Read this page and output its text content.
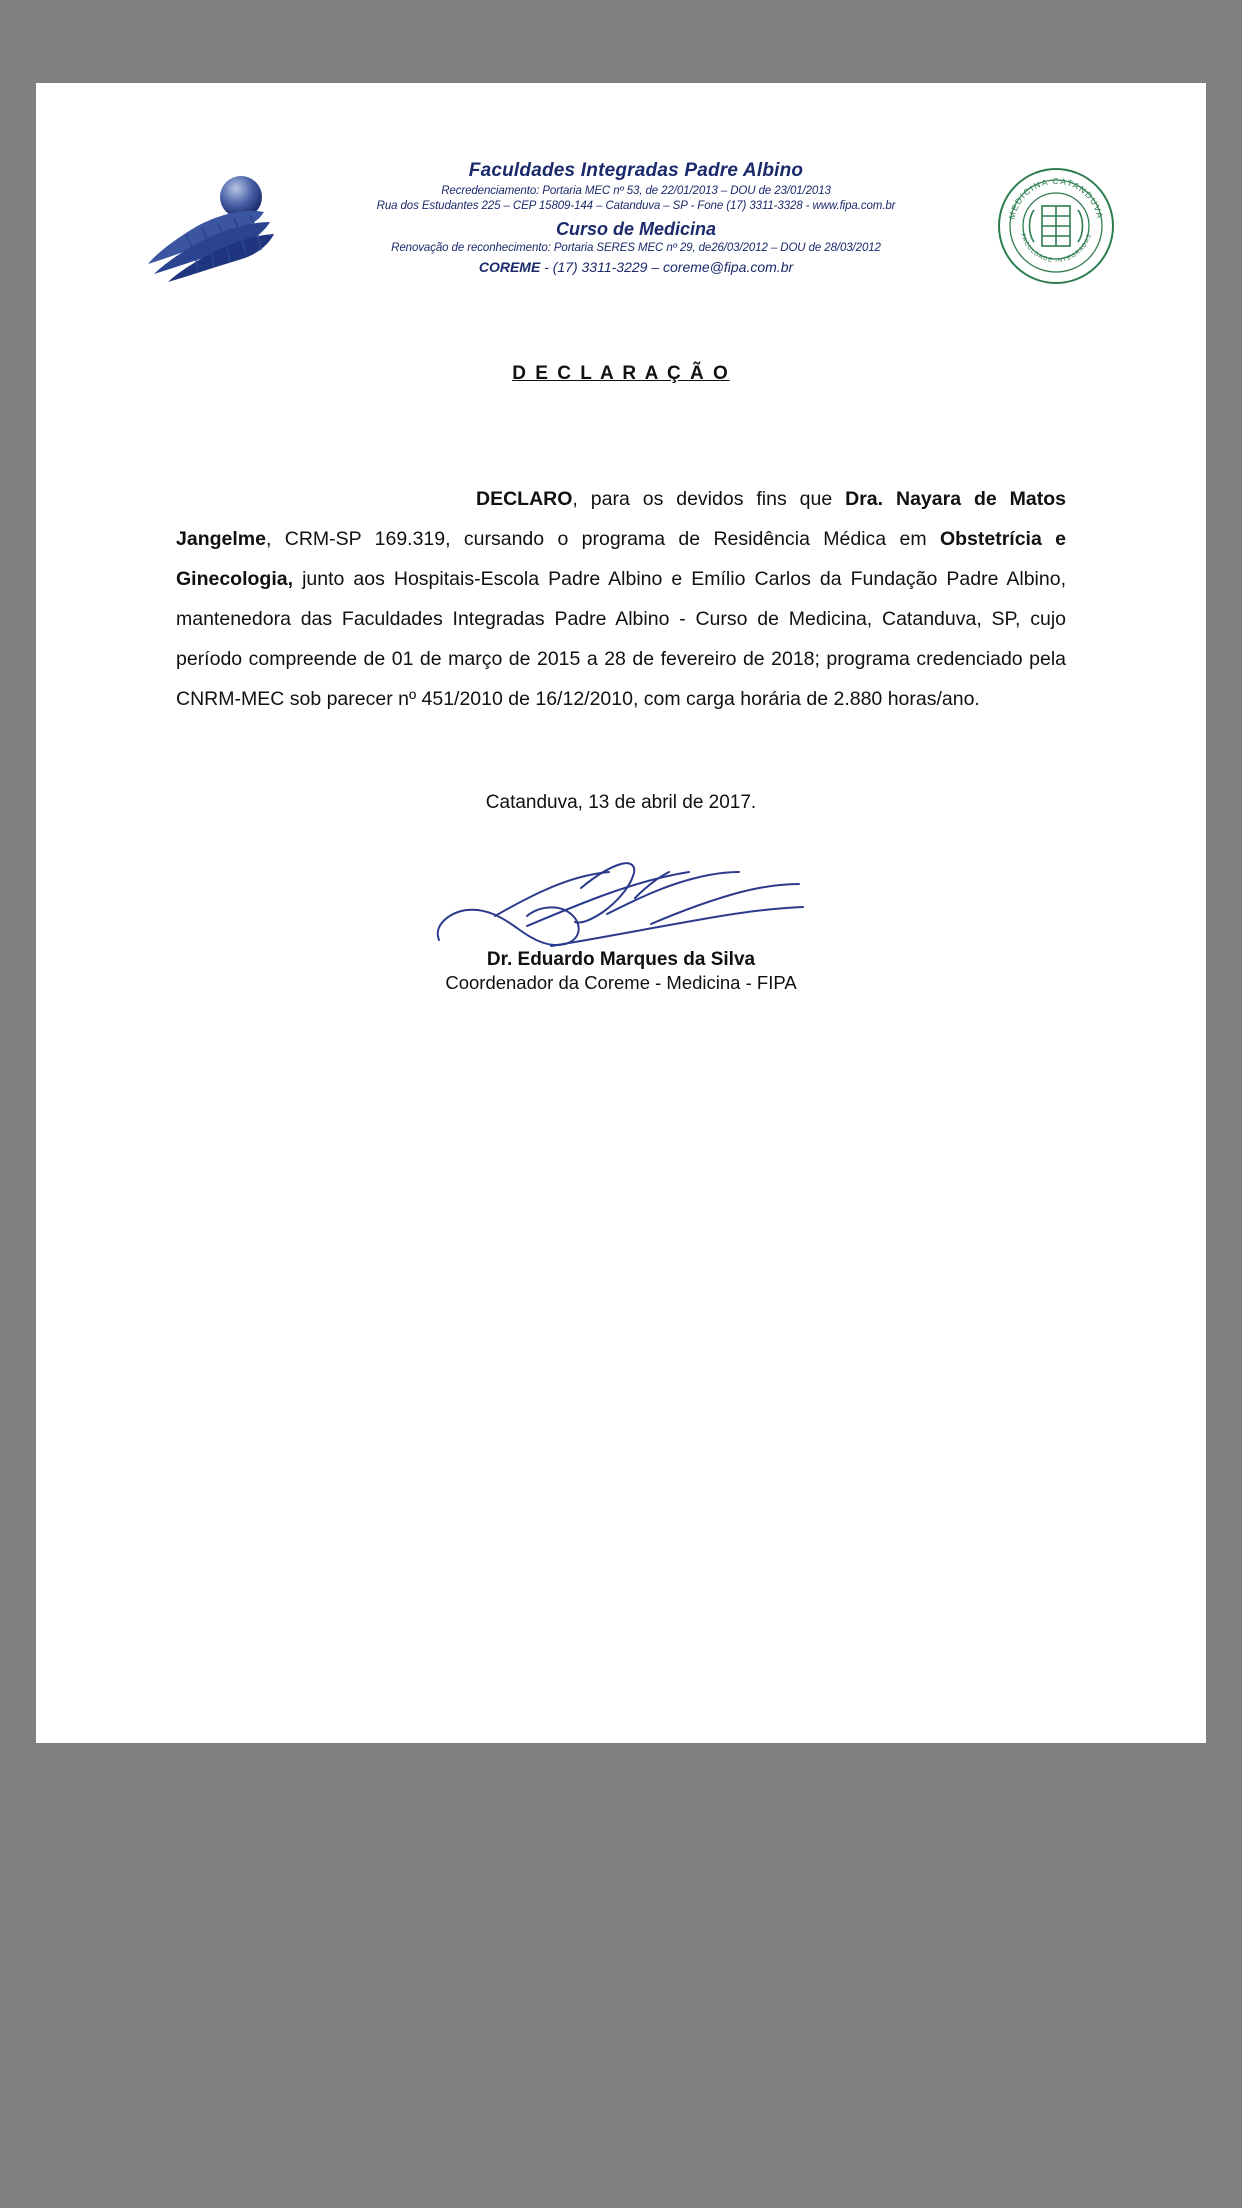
Faculdades Integradas Padre Albino
Recredenciamento: Portaria MEC nº 53, de 22/01/2013 – DOU de 23/01/2013
Rua dos Estudantes 225 – CEP 15809-144 – Catanduva – SP - Fone (17) 3311-3328 - www.fipa.com.br
Curso de Medicina
Renovação de reconhecimento: Portaria SERES MEC nº 29, de26/03/2012 – DOU de 28/03/2012
COREME - (17) 3311-3229 – coreme@fipa.com.br
MEDICINA CATANDUVA
FACULDADE INTEGRADAS
D E C L A R A Ç Ã O
DECLARO, para os devidos fins que Dra. Nayara de Matos Jangelme, CRM-SP 169.319, cursando o programa de Residência Médica em Obstetrícia e Ginecologia, junto aos Hospitais-Escola Padre Albino e Emílio Carlos da Fundação Padre Albino, mantenedora das Faculdades Integradas Padre Albino - Curso de Medicina, Catanduva, SP, cujo período compreende de 01 de março de 2015 a 28 de fevereiro de 2018; programa credenciado pela CNRM-MEC sob parecer nº 451/2010 de 16/12/2010, com carga horária de 2.880 horas/ano.
Catanduva, 13 de abril de 2017.
Dr. Eduardo Marques da Silva
Coordenador da Coreme - Medicina - FIPA
